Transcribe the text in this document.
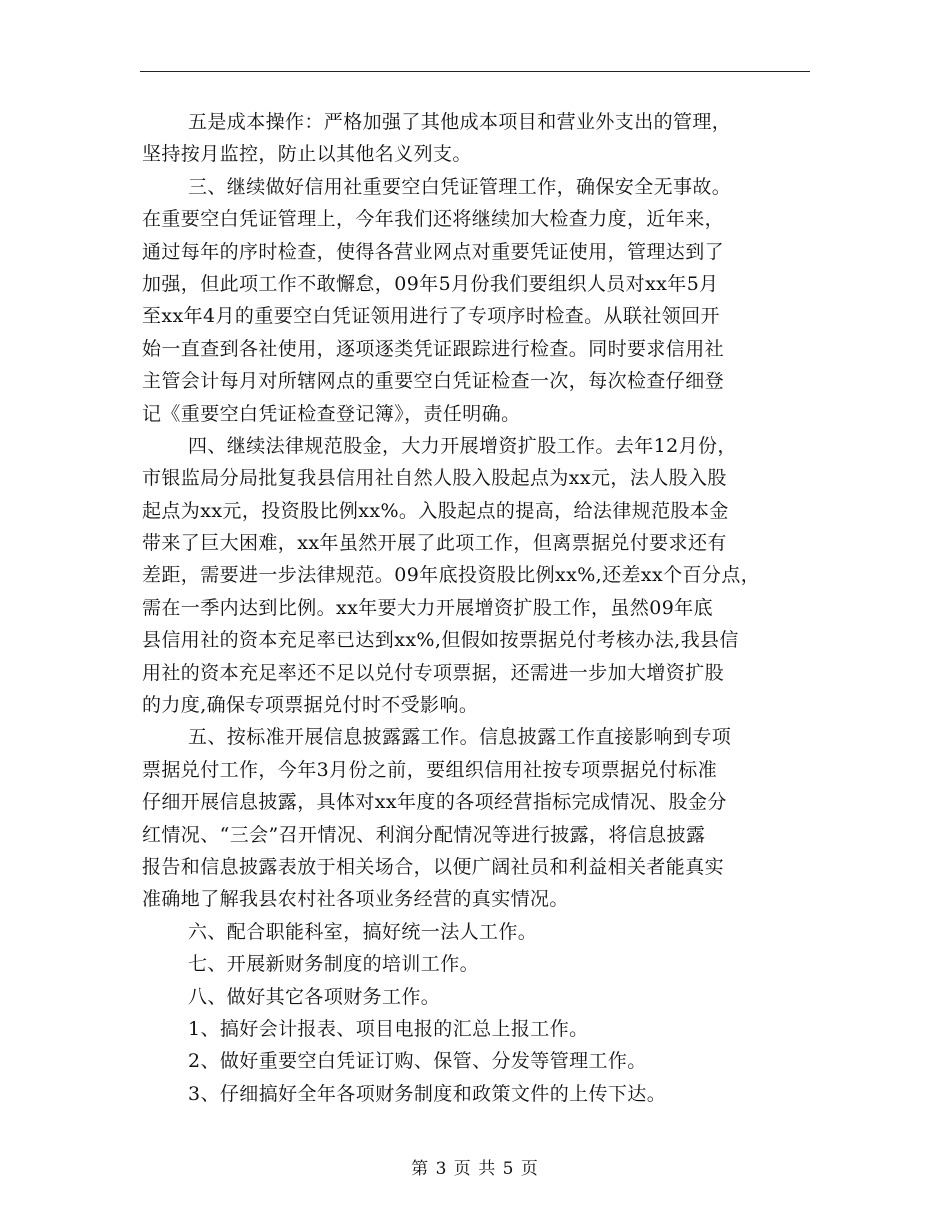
五是成本操作：严格加强了其他成本项目和营业外支出的管理，
坚持按月监控，防止以其他名义列支。
三、继续做好信用社重要空白凭证管理工作，确保安全无事故。
在重要空白凭证管理上，今年我们还将继续加大检查力度，近年来，
通过每年的序时检查，使得各营业网点对重要凭证使用，管理达到了
加强，但此项工作不敢懈怠，09年5月份我们要组织人员对xx年5月
至xx年4月的重要空白凭证领用进行了专项序时检查。从联社领回开
始一直查到各社使用，逐项逐类凭证跟踪进行检查。同时要求信用社
主管会计每月对所辖网点的重要空白凭证检查一次，每次检查仔细登
记《重要空白凭证检查登记簿》，责任明确。
四、继续法律规范股金，大力开展增资扩股工作。去年12月份，
市银监局分局批复我县信用社自然人股入股起点为xx元，法人股入股
起点为xx元，投资股比例xx%。入股起点的提高，给法律规范股本金
带来了巨大困难，xx年虽然开展了此项工作，但离票据兑付要求还有
差距，需要进一步法律规范。09年底投资股比例xx%,还差xx个百分点，
需在一季内达到比例。xx年要大力开展增资扩股工作，虽然09年底
县信用社的资本充足率已达到xx%,但假如按票据兑付考核办法,我县信
用社的资本充足率还不足以兑付专项票据，还需进一步加大增资扩股
的力度,确保专项票据兑付时不受影响。
五、按标准开展信息披露露工作。信息披露工作直接影响到专项
票据兑付工作，今年3月份之前，要组织信用社按专项票据兑付标准
仔细开展信息披露，具体对xx年度的各项经营指标完成情况、股金分
红情况、“三会”召开情况、利润分配情况等进行披露，将信息披露
报告和信息披露表放于相关场合，以便广阔社员和利益相关者能真实
准确地了解我县农村社各项业务经营的真实情况。
六、配合职能科室，搞好统一法人工作。
七、开展新财务制度的培训工作。
八、做好其它各项财务工作。
1、搞好会计报表、项目电报的汇总上报工作。
2、做好重要空白凭证订购、保管、分发等管理工作。
3、仔细搞好全年各项财务制度和政策文件的上传下达。
第 3 页 共 5 页
